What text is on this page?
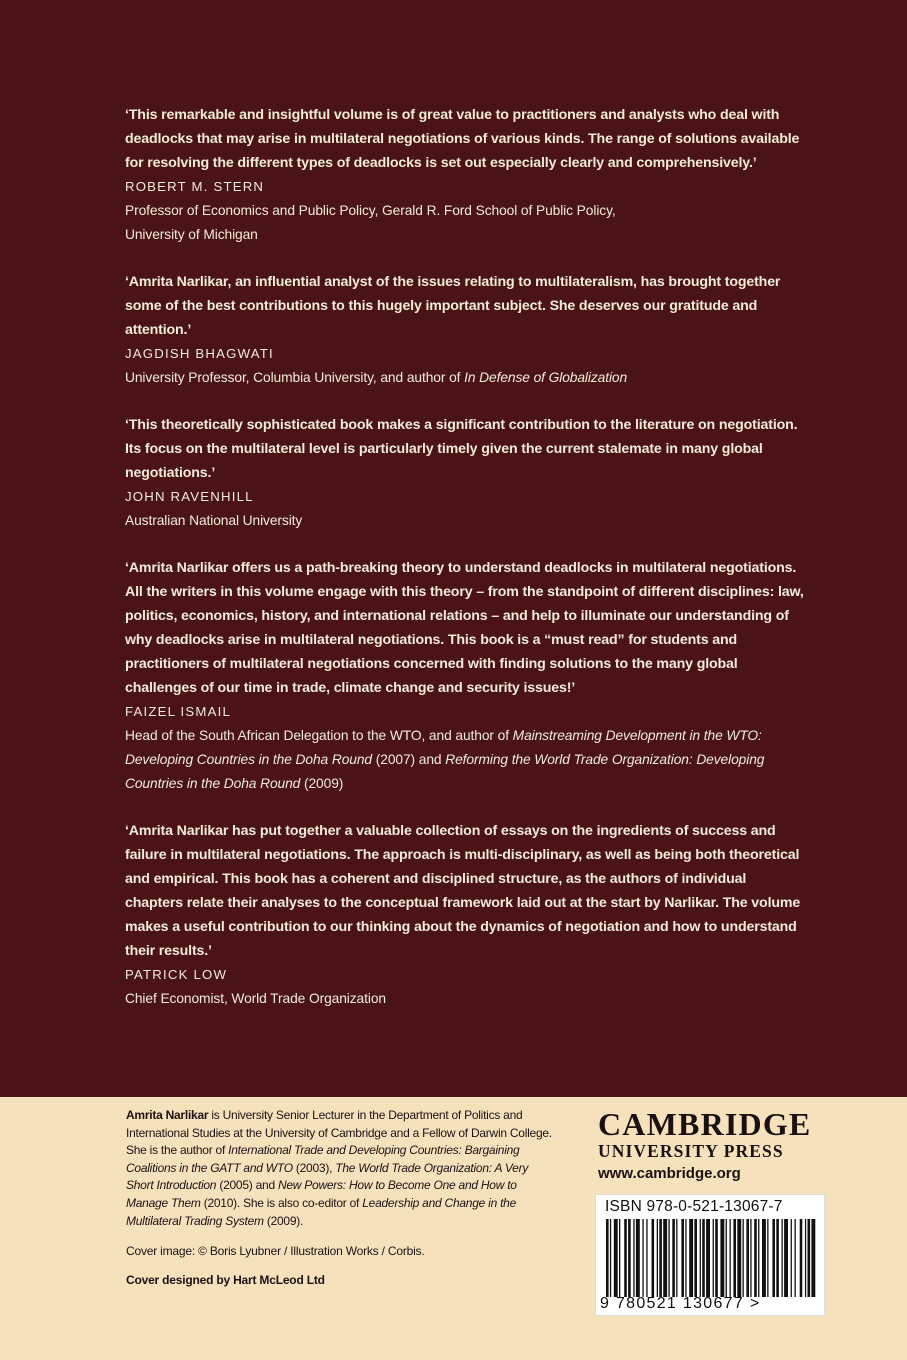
‘This remarkable and insightful volume is of great value to practitioners and analysts who deal with deadlocks that may arise in multilateral negotiations of various kinds. The range of solutions available for resolving the different types of deadlocks is set out especially clearly and comprehensively.’

ROBERT M. STERN

Professor of Economics and Public Policy, Gerald R. Ford School of Public Policy,

University of Michigan

‘Amrita Narlikar, an influential analyst of the issues relating to multilateralism, has brought together some of the best contributions to this hugely important subject. She deserves our gratitude and attention.’

JAGDISH BHAGWATI

University Professor, Columbia University, and author of In Defense of Globalization

‘This theoretically sophisticated book makes a significant contribution to the literature on negotiation. Its focus on the multilateral level is particularly timely given the current stalemate in many global negotiations.’

JOHN RAVENHILL

Australian National University

‘Amrita Narlikar offers us a path-breaking theory to understand deadlocks in multilateral negotiations. All the writers in this volume engage with this theory – from the standpoint of different disciplines: law, politics, economics, history, and international relations – and help to illuminate our understanding of why deadlocks arise in multilateral negotiations. This book is a “must read” for students and practitioners of multilateral negotiations concerned with finding solutions to the many global challenges of our time in trade, climate change and security issues!’

FAIZEL ISMAIL

Head of the South African Delegation to the WTO, and author of Mainstreaming Development in the WTO: Developing Countries in the Doha Round (2007) and Reforming the World Trade Organization: Developing Countries in the Doha Round (2009)

‘Amrita Narlikar has put together a valuable collection of essays on the ingredients of success and failure in multilateral negotiations. The approach is multi-disciplinary, as well as being both theoretical and empirical. This book has a coherent and disciplined structure, as the authors of individual chapters relate their analyses to the conceptual framework laid out at the start by Narlikar. The volume makes a useful contribution to our thinking about the dynamics of negotiation and how to understand their results.’

PATRICK LOW

Chief Economist, World Trade Organization

Amrita Narlikar is University Senior Lecturer in the Department of Politics and International Studies at the University of Cambridge and a Fellow of Darwin College. She is the author of International Trade and Developing Countries: Bargaining Coalitions in the GATT and WTO (2003), The World Trade Organization: A Very Short Introduction (2005) and New Powers: How to Become One and How to Manage Them (2010). She is also co-editor of Leadership and Change in the Multilateral Trading System (2009).

Cover image: © Boris Lyubner / Illustration Works / Corbis.

Cover designed by Hart McLeod Ltd

CAMBRIDGE

UNIVERSITY PRESS

www.cambridge.org

ISBN 978-0-521-13067-7
9 780521 130677 >
